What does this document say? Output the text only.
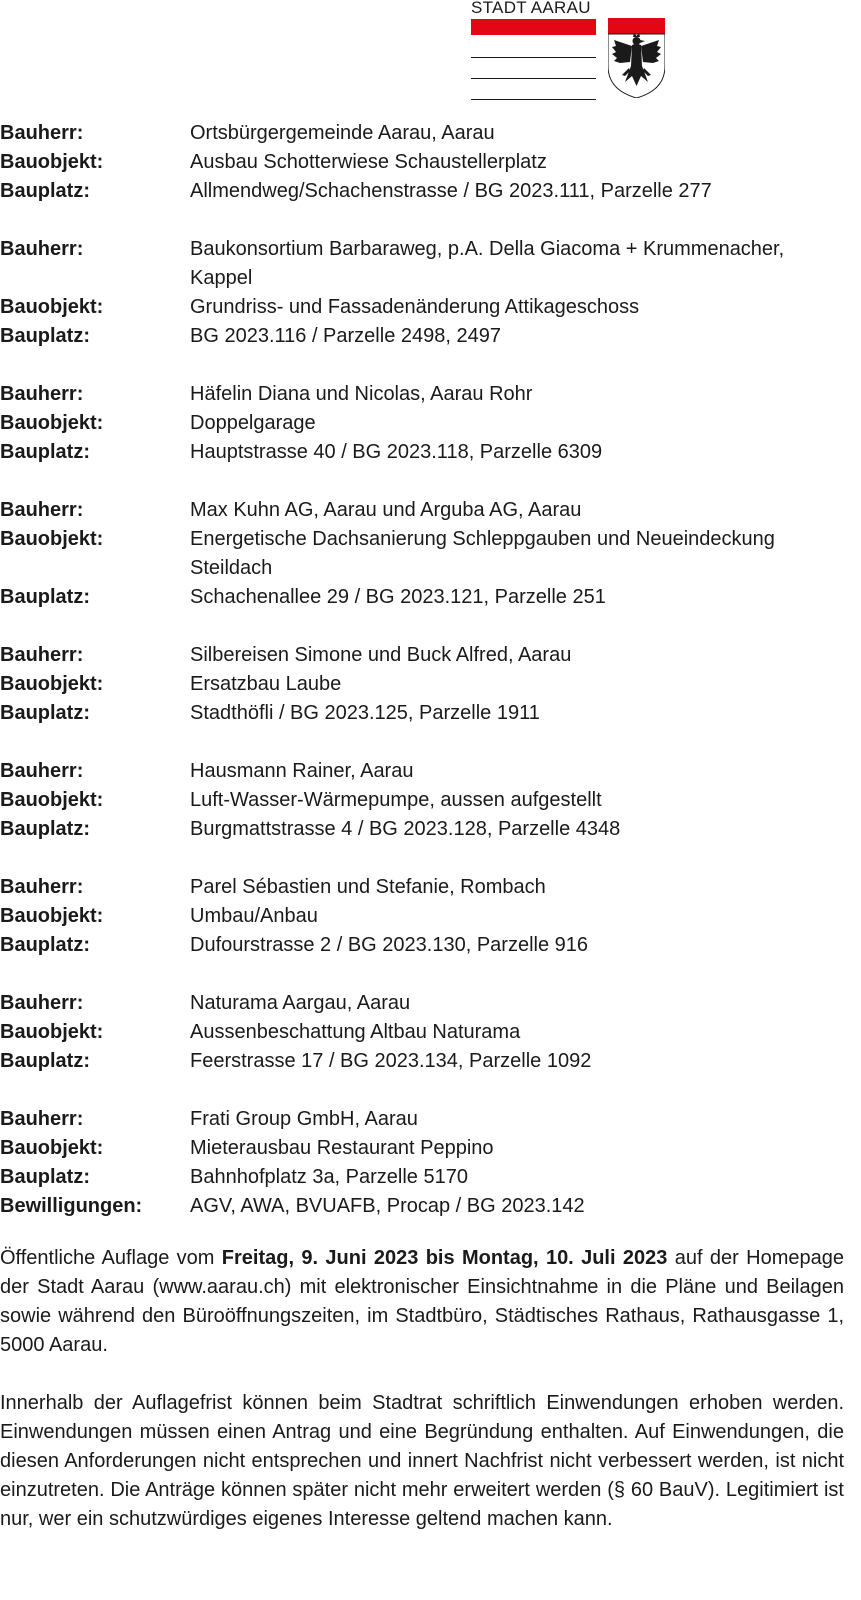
STADT AARAU
Bauherr:	Ortsbürgergemeinde Aarau, Aarau
Bauobjekt:	Ausbau Schotterwiese Schaustellerplatz
Bauplatz:	Allmendweg/Schachenstrasse / BG 2023.111, Parzelle 277
Bauherr:	Baukonsortium Barbaraweg, p.A. Della Giacoma + Krummenacher, Kappel
Bauobjekt:	Grundriss- und Fassadenänderung Attikageschoss
Bauplatz:	BG 2023.116 / Parzelle 2498, 2497
Bauherr:	Häfelin Diana und Nicolas, Aarau Rohr
Bauobjekt:	Doppelgarage
Bauplatz:	Hauptstrasse 40 / BG 2023.118, Parzelle 6309
Bauherr:	Max Kuhn AG, Aarau und Arguba AG, Aarau
Bauobjekt:	Energetische Dachsanierung Schleppgauben und Neueindeckung Steildach
Bauplatz:	Schachenallee 29 / BG 2023.121, Parzelle 251
Bauherr:	Silbereisen Simone und Buck Alfred, Aarau
Bauobjekt:	Ersatzbau Laube
Bauplatz:	Stadthöfli / BG 2023.125, Parzelle 1911
Bauherr:	Hausmann Rainer, Aarau
Bauobjekt:	Luft-Wasser-Wärmepumpe, aussen aufgestellt
Bauplatz:	Burgmattstrasse 4 / BG 2023.128, Parzelle 4348
Bauherr:	Parel Sébastien und Stefanie, Rombach
Bauobjekt:	Umbau/Anbau
Bauplatz:	Dufourstrasse 2 / BG 2023.130, Parzelle 916
Bauherr:	Naturama Aargau, Aarau
Bauobjekt:	Aussenbeschattung Altbau Naturama
Bauplatz:	Feerstrasse 17 / BG 2023.134, Parzelle 1092
Bauherr:	Frati Group GmbH, Aarau
Bauobjekt:	Mieterausbau Restaurant Peppino
Bauplatz:	Bahnhofplatz 3a, Parzelle 5170
Bewilligungen:	AGV, AWA, BVUAFB, Procap / BG 2023.142

Öffentliche Auflage vom Freitag, 9. Juni 2023 bis Montag, 10. Juli 2023 auf der Homepage der Stadt Aarau (www.aarau.ch) mit elektronischer Einsichtnahme in die Pläne und Beilagen sowie während den Büroöffnungszeiten, im Stadtbüro, Städtisches Rathaus, Rathausgasse 1, 5000 Aarau.

Innerhalb der Auflagefrist können beim Stadtrat schriftlich Einwendungen erhoben werden. Einwendungen müssen einen Antrag und eine Begründung enthalten. Auf Einwendungen, die diesen Anforderungen nicht entsprechen und innert Nachfrist nicht verbessert werden, ist nicht einzutreten. Die Anträge können später nicht mehr erweitert werden (§ 60 BauV). Legitimiert ist nur, wer ein schutzwürdiges eigenes Interesse geltend machen kann.
